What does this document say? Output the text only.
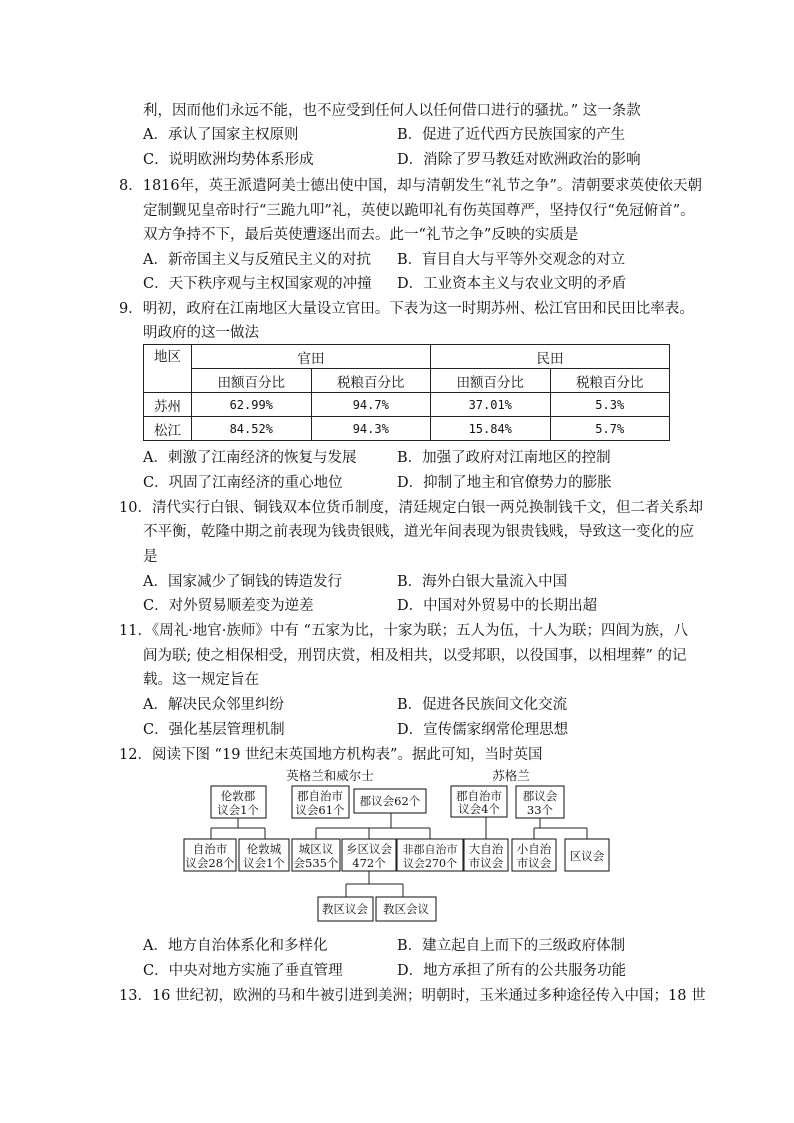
利，因而他们永远不能，也不应受到任何人以任何借口进行的骚扰。” 这一条款
A．承认了国家主权原则	B．促进了近代西方民族国家的产生
C．说明欧洲均势体系形成	D．消除了罗马教廷对欧洲政治的影响
8．1816年，英王派遣阿美士德出使中国，却与清朝发生“礼节之争”。清朝要求英使依天朝
定制觐见皇帝时行“三跪九叩”礼，英使以跪叩礼有伤英国尊严，坚持仅行“免冠俯首”。
双方争持不下，最后英使遭逐出而去。此一“礼节之争”反映的实质是
A．新帝国主义与反殖民主义的对抗 B．盲目自大与平等外交观念的对立
C．天下秩序观与主权国家观的冲撞 D．工业资本主义与农业文明的矛盾
9．明初，政府在江南地区大量设立官田。下表为这一时期苏州、松江官田和民田比率表。
明政府的这一做法
地区	官田		民田	
	田额百分比	税粮百分比	田额百分比	税粮百分比
苏州	62.99%	94.7%	37.01%	5.3%
松江	84.52%	94.3%	15.84%	5.7%
A．刺激了江南经济的恢复与发展	B．加强了政府对江南地区的控制
C．巩固了江南经济的重心地位	D．抑制了地主和官僚势力的膨胀
10．清代实行白银、铜钱双本位货币制度，清廷规定白银一两兑换制钱千文，但二者关系却
不平衡，乾隆中期之前表现为钱贵银贱，道光年间表现为银贵钱贱，导致这一变化的应
是
A．国家减少了铜钱的铸造发行	B．海外白银大量流入中国
C．对外贸易顺差变为逆差	D．中国对外贸易中的长期出超
11．《周礼·地官·族师》中有 “五家为比，十家为联；五人为伍，十人为联；四闾为族，八
闾为联; 使之相保相受，刑罚庆赏，相及相共，以受邦职，以役国事，以相埋葬” 的记
载。这一规定旨在
A．解决民众邻里纠纷	B．促进各民族间文化交流
C．强化基层管理机制	D．宣传儒家纲常伦理思想
12．阅读下图 “19 世纪末英国地方机构表”。据此可知，当时英国
英格兰和威尔士	苏格兰
伦敦郡
议会1个
郡自治市
议会61个
郡议会62个
自治市
议会28个
伦敦城
议会1个
城区议
会535个
乡区议会
472个
非郡自治市
议会270个
教区议会 教区会议
郡自治市
议会4个
郡议会
33个
大自治
市议会
小自治
市议会 区议会
A．地方自治体系化和多样化	B．建立起自上而下的三级政府体制
C．中央对地方实施了垂直管理	D．地方承担了所有的公共服务功能
13．16 世纪初，欧洲的马和牛被引进到美洲；明朝时，玉米通过多种途径传入中国；18 世
